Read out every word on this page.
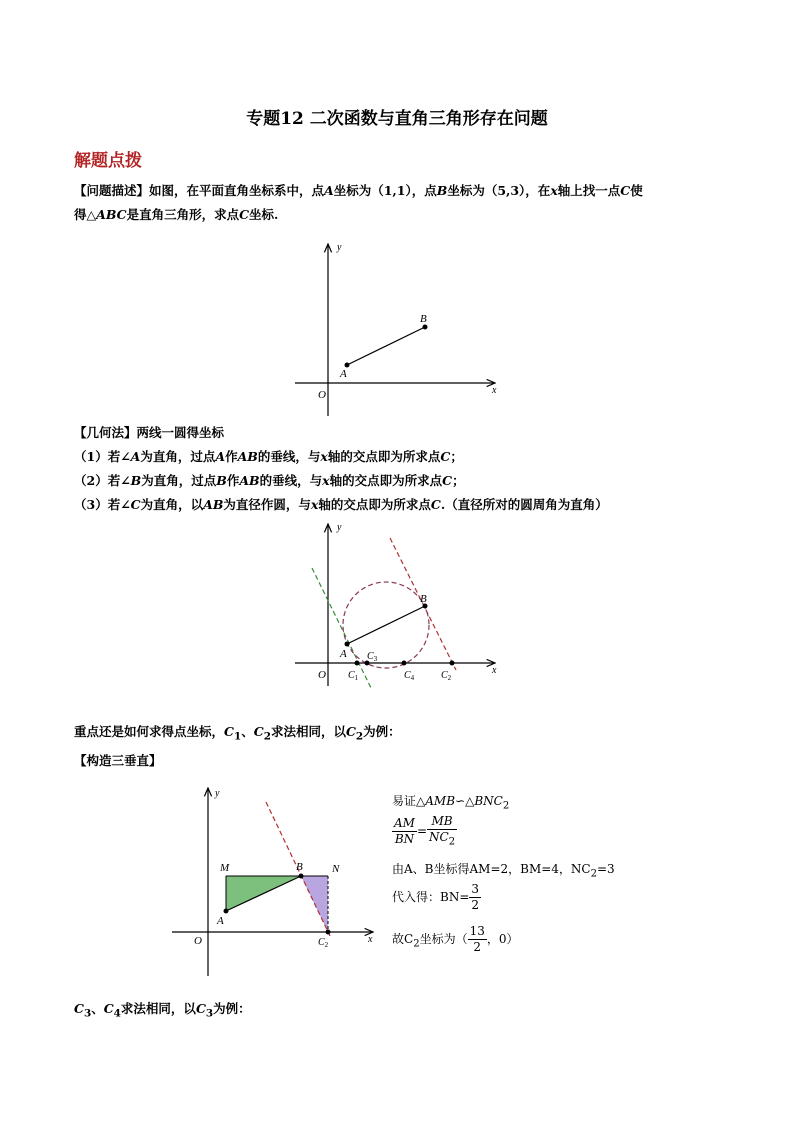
专题12 二次函数与直角三角形存在问题
解题点拨
【问题描述】如图，在平面直角坐标系中，点A坐标为（1,1），点B坐标为（5,3），在x轴上找一点C使
得△ABC是直角三角形，求点C坐标.
y
x
O
A
B
【几何法】两线一圆得坐标
（1）若∠A为直角，过点A作AB的垂线，与x轴的交点即为所求点C；
（2）若∠B为直角，过点B作AB的垂线，与x轴的交点即为所求点C；
（3）若∠C为直角，以AB为直径作圆，与x轴的交点即为所求点C.（直径所对的圆周角为直角）
y
x
O
A
B
$C_3$
$C_1$	$C_4$	$C_2$
重点还是如何求得点坐标，$C_1$、$C_2$求法相同，以$C_2$为例：
【构造三垂直】
y
x
O
A
B
M	N
$C_2$
易证$\triangle AMB∽\triangle BNC_2$
$\frac{AM}{BN} = \frac{MB}{NC_2}$
由A、B坐标得AM=2，BM=4，$NC_2=3$
代入得：$BN= \frac{3}{2}$
故$C_2$坐标为（ $\frac{13}{2}$ ，0）
$C_3$、$C_4$求法相同，以$C_3$为例：
